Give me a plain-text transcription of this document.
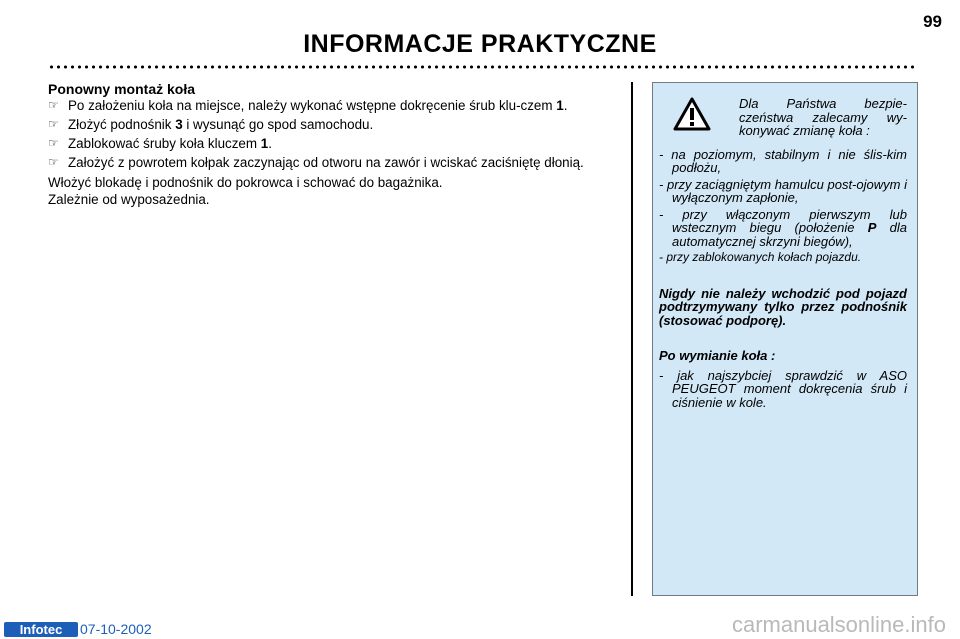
99
INFORMACJE PRAKTYCZNE
Ponowny montaż koła
☞ Po założeniu koła na miejsce, należy wykonać wstępne dokręcenie śrub klu-czem 1.
☞ Złożyć podnośnik 3 i wysunąć go spod samochodu.
☞ Zablokować śruby koła kluczem 1.
☞ Założyć z powrotem kołpak zaczynając od otworu na zawór i wciskać zaciśniętę dłonią.
Włożyć blokadę i podnośnik do pokrowca i schować do bagażnika.
Zależnie od wyposażednia.
Dla Państwa bezpie-czeństwa zalecamy wy-konywać zmianę koła :
- na poziomym, stabilnym i nie ślis-kim podłożu,
- przy zaciągniętym hamulcu post-ojowym i wyłączonym zapłonie,
- przy włączonym pierwszym lub wstecznym biegu (położenie P dla automatycznej skrzyni biegów),
- przy zablokowanych kołach pojazdu.
Nigdy nie należy wchodzić pod pojazd podtrzymywany tylko przez podnośnik (stosować podporę).
Po wymianie koła :
- jak najszybciej sprawdzić w ASO PEUGEOT moment dokręcenia śrub i ciśnienie w kole.
Infotec	07-10-2002	carmanualsonline.info
